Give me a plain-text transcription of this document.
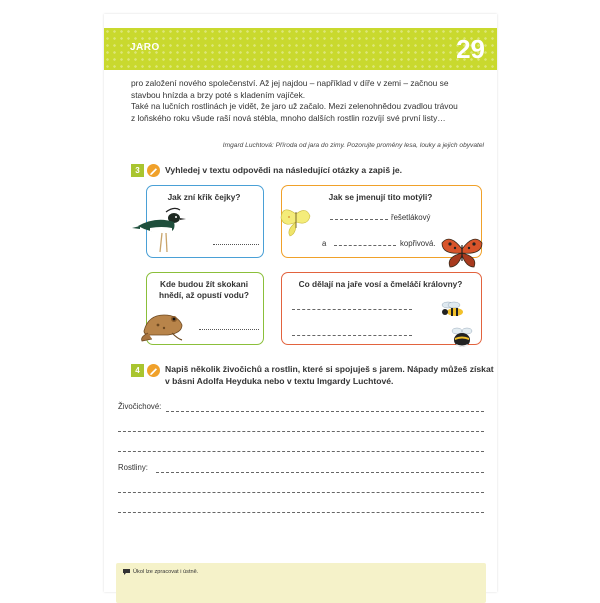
JARO	29

pro založení nového společenství. Až jej najdou – například v díře v zemi – začnou se

stavbou hnízda a brzy poté s kladením vajíček.

Také na lučních rostlinách je vidět, že jaro už začalo. Mezi zelenohnědou zvadlou trávou

z loňského roku všude raší nová stébla, mnoho dalších rostlin rozvíjí své první listy…

Imgard Luchtová: Příroda od jara do zimy. Pozorujte proměny lesa, louky a jejich obyvatel
3	Vyhledej v textu odpovědi na následující otázky a zapiš je.
Jak zní křik čejky?	Jak se jmenují tito motýli?
řešetlákový
a	kopřivová.
Kde budou žít skokani
hnědí, až opustí vodu?
Co dělají na jaře vosí a čmeláčí královny?
4	Napiš několik živočichů a rostlin, které si spojuješ s jarem. Nápady můžeš získat
v básni Adolfa Heyduka nebo v textu Imgardy Luchtové.
Živočichové:
Rostliny:
Úkol lze zpracovat i ústně.
